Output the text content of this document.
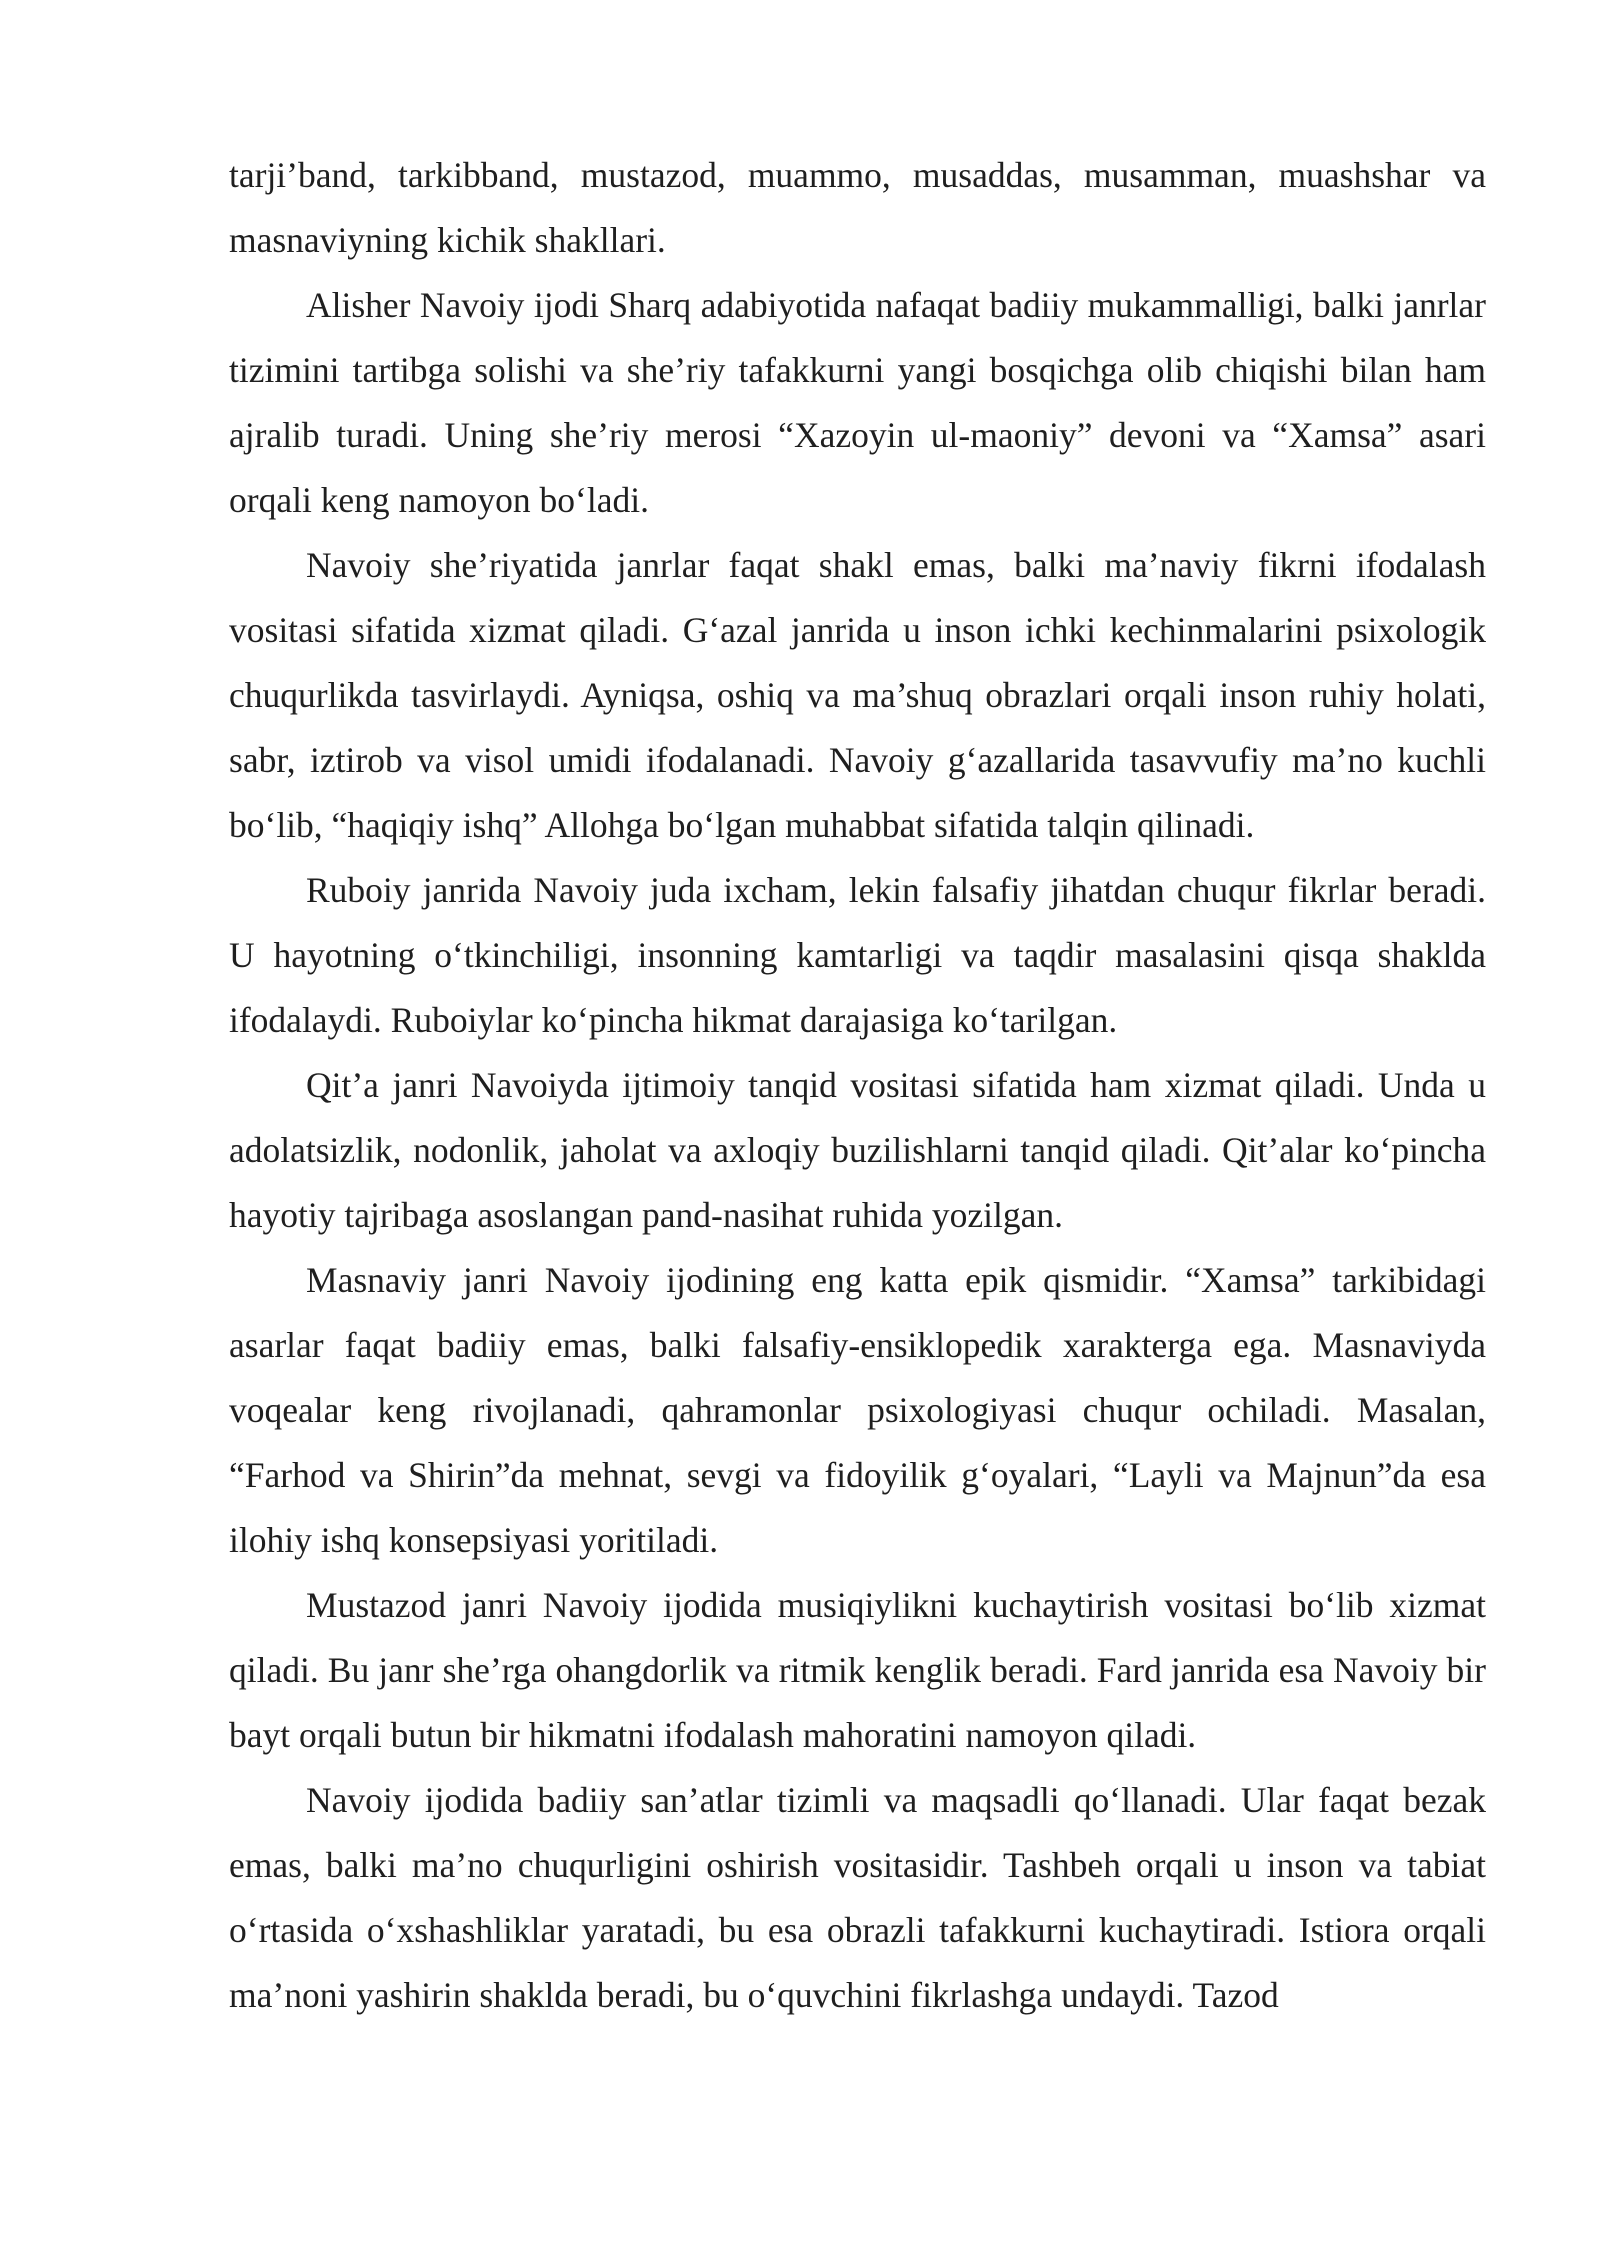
tarji’band, tarkibband, mustazod, muammo, musaddas, musamman, muashshar va masnaviyning kichik shakllari.

Alisher Navoiy ijodi Sharq adabiyotida nafaqat badiiy mukammalligi, balki janrlar tizimini tartibga solishi va she’riy tafakkurni yangi bosqichga olib chiqishi bilan ham ajralib turadi. Uning she’riy merosi “Xazoyin ul-maoniy” devoni va “Xamsa” asari orqali keng namoyon bo‘ladi.

Navoiy she’riyatida janrlar faqat shakl emas, balki ma’naviy fikrni ifodalash vositasi sifatida xizmat qiladi. G‘azal janrida u inson ichki kechinmalarini psixologik chuqurlikda tasvirlaydi. Ayniqsa, oshiq va ma’shuq obrazlari orqali inson ruhiy holati, sabr, iztirob va visol umidi ifodalanadi. Navoiy g‘azallarida tasavvufiy ma’no kuchli bo‘lib, “haqiqiy ishq” Allohga bo‘lgan muhabbat sifatida talqin qilinadi.

Ruboiy janrida Navoiy juda ixcham, lekin falsafiy jihatdan chuqur fikrlar beradi. U hayotning o‘tkinchiligi, insonning kamtarligi va taqdir masalasini qisqa shaklda ifodalaydi. Ruboiylar ko‘pincha hikmat darajasiga ko‘tarilgan.

Qit’a janri Navoiyda ijtimoiy tanqid vositasi sifatida ham xizmat qiladi. Unda u adolatsizlik, nodonlik, jaholat va axloqiy buzilishlarni tanqid qiladi. Qit’alar ko‘pincha hayotiy tajribaga asoslangan pand-nasihat ruhida yozilgan.

Masnaviy janri Navoiy ijodining eng katta epik qismidir. “Xamsa” tarkibidagi asarlar faqat badiiy emas, balki falsafiy-ensiklopedik xarakterga ega. Masnaviyda voqealar keng rivojlanadi, qahramonlar psixologiyasi chuqur ochiladi. Masalan, “Farhod va Shirin”da mehnat, sevgi va fidoyilik g‘oyalari, “Layli va Majnun”da esa ilohiy ishq konsepsiyasi yoritiladi.

Mustazod janri Navoiy ijodida musiqiylikni kuchaytirish vositasi bo‘lib xizmat qiladi. Bu janr she’rga ohangdorlik va ritmik kenglik beradi. Fard janrida esa Navoiy bir bayt orqali butun bir hikmatni ifodalash mahoratini namoyon qiladi.

Navoiy ijodida badiiy san’atlar tizimli va maqsadli qo‘llanadi. Ular faqat bezak emas, balki ma’no chuqurligini oshirish vositasidir. Tashbeh orqali u inson va tabiat o‘rtasida o‘xshashliklar yaratadi, bu esa obrazli tafakkurni kuchaytiradi. Istiora orqali ma’noni yashirin shaklda beradi, bu o‘quvchini fikrlashga undaydi. Tazod
